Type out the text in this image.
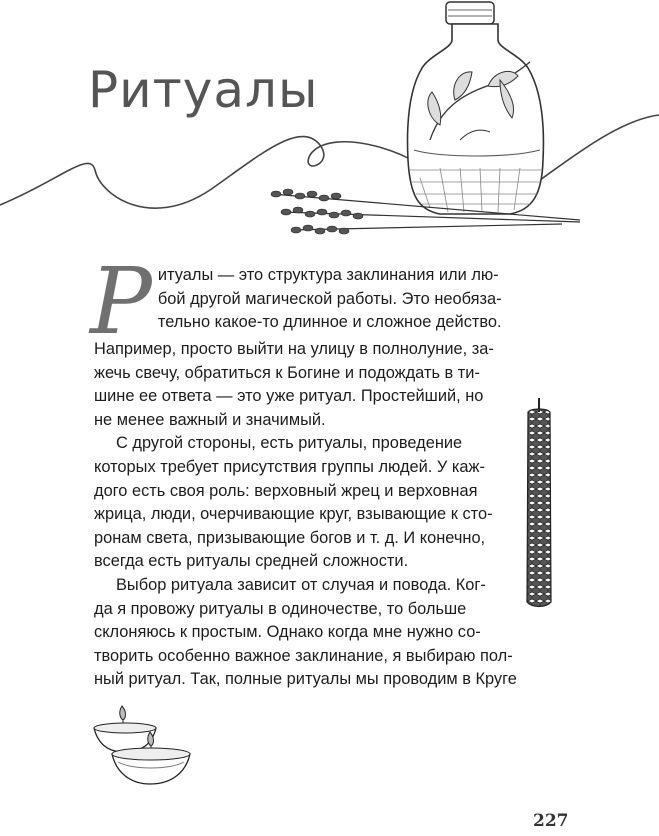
Ритуалы

Р итуалы — это структура заклинания или лю-
бой другой магической работы. Это необяза-
тельно какое-то длинное и сложное действо.
Например, просто выйти на улицу в полнолуние, за-
жечь свечу, обратиться к Богине и подождать в ти-
шине ее ответа — это уже ритуал. Простейший, но
не менее важный и значимый.

С другой стороны, есть ритуалы, проведение
которых требует присутствия группы людей. У каж-
дого есть своя роль: верховный жрец и верховная
жрица, люди, очерчивающие круг, взывающие к сто-
ронам света, призывающие богов и т. д. И конечно,
всегда есть ритуалы средней сложности.

Выбор ритуала зависит от случая и повода. Ког-
да я провожу ритуалы в одиночестве, то больше
склоняюсь к простым. Однако когда мне нужно со-
творить особенно важное заклинание, я выбираю пол-
ный ритуал. Так, полные ритуалы мы проводим в Круге

227
